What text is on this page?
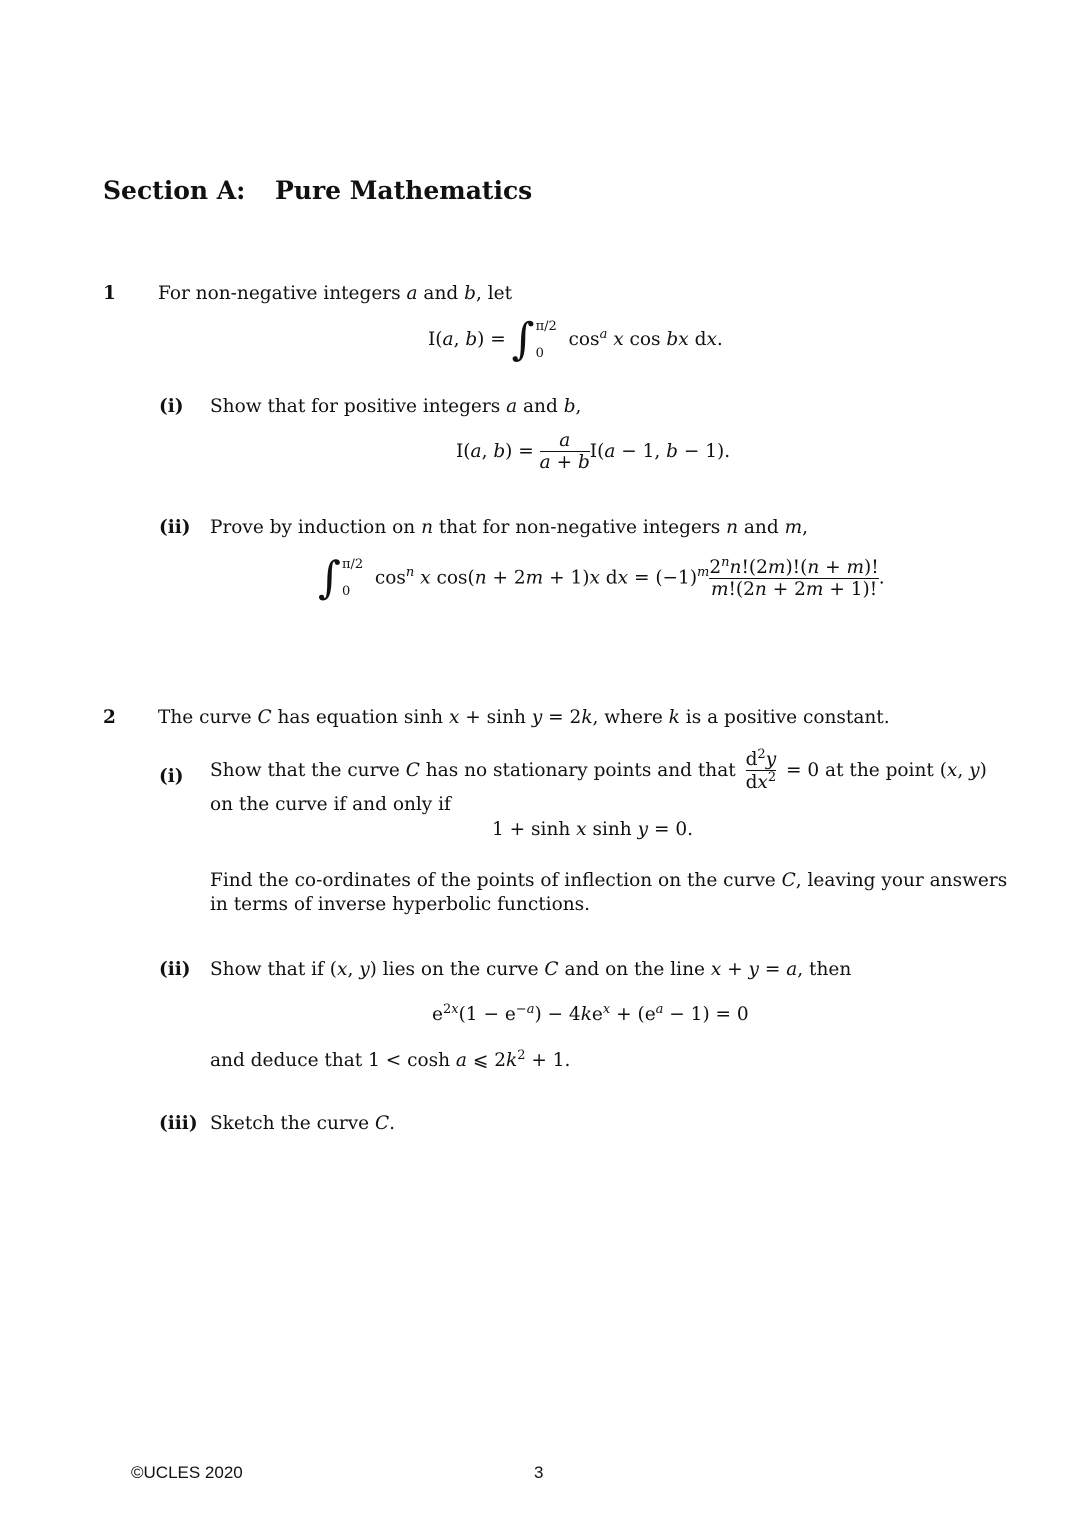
Section A: Pure Mathematics
1 For non-negative integers a and b, let
I(a, b) = ∫ π/2
0
$\cos^a x$ cos bx dx.
(i) Show that for positive integers a and b,
I(a, $b) = \frac{a}{a + b} I(a - 1$, b − 1).
(ii) Prove by induction on n that for non-negative integers n and m,
∫ π/2
0
$\cos^n x$ cos(n + 2m + 1)x dx = $(-1)^m \frac{2^nn!(2m)!(n + m)!}{m!(2n + 2m + 1)!}$ .
2 The curve C has equation sinh x + sinh y = 2k, where k is a positive constant.
(i) Show that the curve C has no stationary points and that $\frac{d^2y}{dx^2} = 0$ at the point (x, y)
on the curve if and only if
1 + sinh x sinh y = 0.
Find the co-ordinates of the points of inflection on the curve C, leaving your answers
in terms of inverse hyperbolic functions.
(ii) Show that if (x, y) lies on the curve C and on the line x + y = a, then
$e^{2x}(1 - e^{-a}) - 4ke^x + (e^a - 1) = 0$
and deduce that 1 < cosh a ⩽ $2k^2 + 1$.
(iii) Sketch the curve C.
©UCLES 2020	3
